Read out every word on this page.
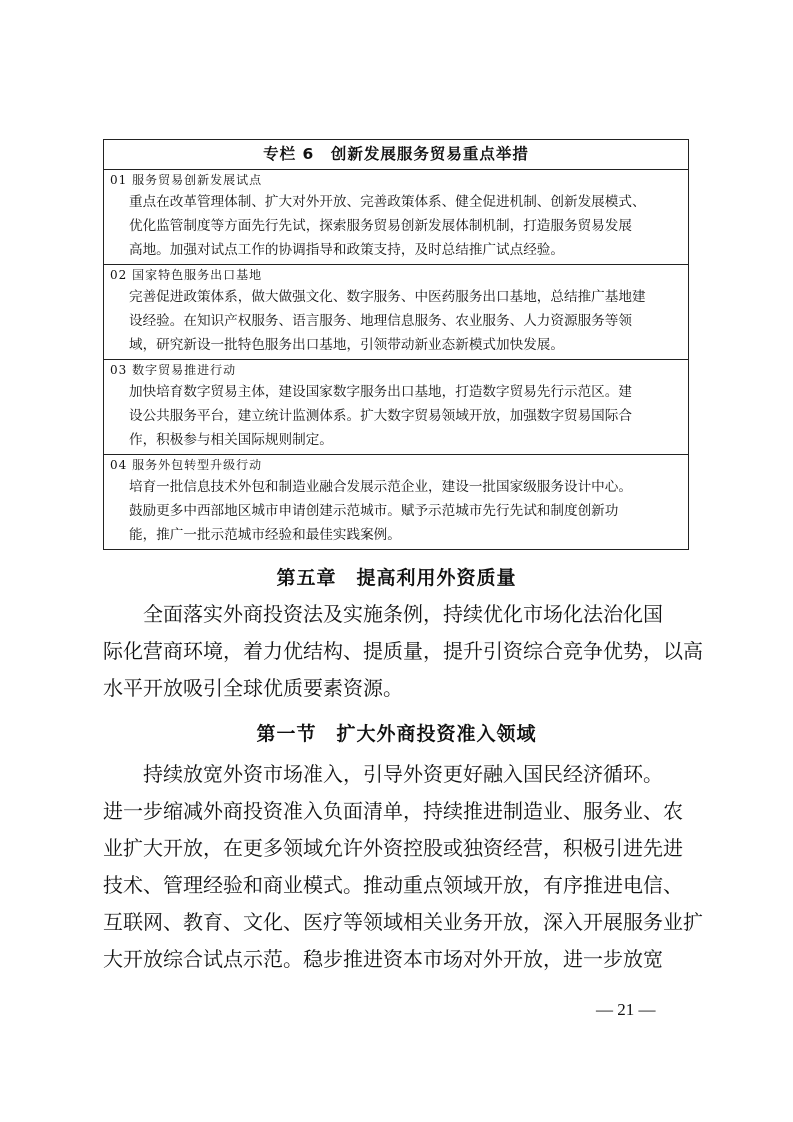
专栏 6　创新发展服务贸易重点举措
01 服务贸易创新发展试点
重点在改革管理体制、扩大对外开放、完善政策体系、健全促进机制、创新发展模式、
优化监管制度等方面先行先试，探索服务贸易创新发展体制机制，打造服务贸易发展
高地。加强对试点工作的协调指导和政策支持，及时总结推广试点经验。
02 国家特色服务出口基地
完善促进政策体系，做大做强文化、数字服务、中医药服务出口基地，总结推广基地建
设经验。在知识产权服务、语言服务、地理信息服务、农业服务、人力资源服务等领
域，研究新设一批特色服务出口基地，引领带动新业态新模式加快发展。
03 数字贸易推进行动
加快培育数字贸易主体，建设国家数字服务出口基地，打造数字贸易先行示范区。建
设公共服务平台，建立统计监测体系。扩大数字贸易领域开放，加强数字贸易国际合
作，积极参与相关国际规则制定。
04 服务外包转型升级行动
培育一批信息技术外包和制造业融合发展示范企业，建设一批国家级服务设计中心。
鼓励更多中西部地区城市申请创建示范城市。赋予示范城市先行先试和制度创新功
能，推广一批示范城市经验和最佳实践案例。
第五章　提高利用外资质量
　　全面落实外商投资法及实施条例，持续优化市场化法治化国
际化营商环境，着力优结构、提质量，提升引资综合竞争优势，以高
水平开放吸引全球优质要素资源。
第一节　扩大外商投资准入领域
　　持续放宽外资市场准入，引导外资更好融入国民经济循环。
进一步缩减外商投资准入负面清单，持续推进制造业、服务业、农
业扩大开放，在更多领域允许外资控股或独资经营，积极引进先进
技术、管理经验和商业模式。推动重点领域开放，有序推进电信、
互联网、教育、文化、医疗等领域相关业务开放，深入开展服务业扩
大开放综合试点示范。稳步推进资本市场对外开放，进一步放宽
— 21 —
